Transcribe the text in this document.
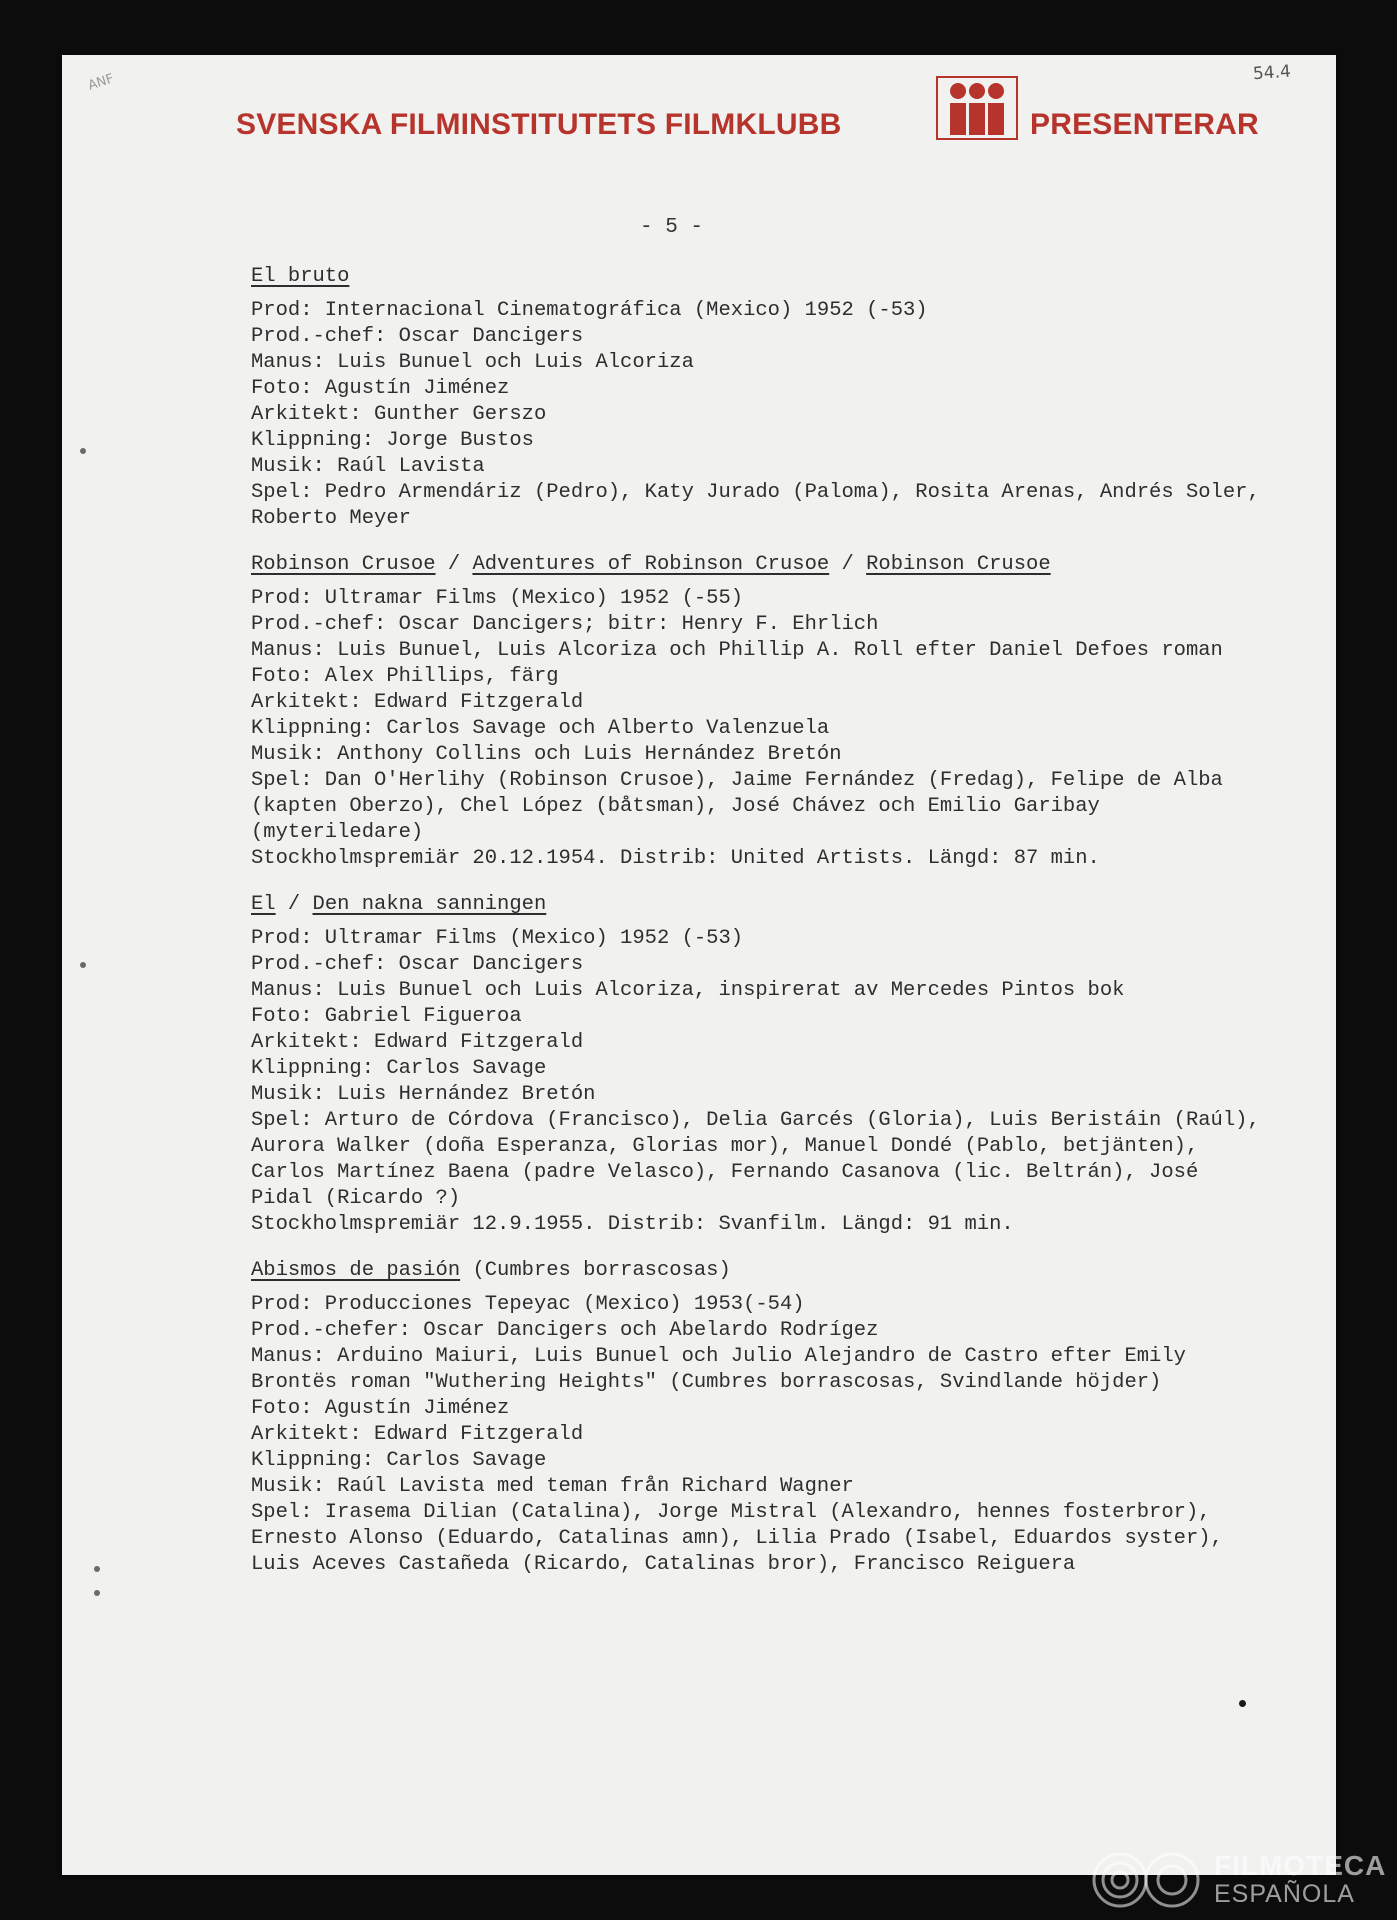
ANF	54.4
SVENSKA FILMINSTITUTETS FILMKLUBB	PRESENTERAR
- 5 -
El bruto
Prod: Internacional Cinematográfica (Mexico) 1952 (-53)
Prod.-chef: Oscar Dancigers
Manus: Luis Bunuel och Luis Alcoriza
Foto: Agustín Jiménez
Arkitekt: Gunther Gerszo
Klippning: Jorge Bustos
Musik: Raúl Lavista
Spel: Pedro Armendáriz (Pedro), Katy Jurado (Paloma), Rosita Arenas, Andrés Soler, Roberto Meyer
Robinson Crusoe / Adventures of Robinson Crusoe / Robinson Crusoe
Prod: Ultramar Films (Mexico) 1952 (-55)
Prod.-chef: Oscar Dancigers; bitr: Henry F. Ehrlich
Manus: Luis Bunuel, Luis Alcoriza och Phillip A. Roll efter Daniel Defoes roman
Foto: Alex Phillips, färg
Arkitekt: Edward Fitzgerald
Klippning: Carlos Savage och Alberto Valenzuela
Musik: Anthony Collins och Luis Hernández Bretón
Spel: Dan O'Herlihy (Robinson Crusoe), Jaime Fernández (Fredag), Felipe de Alba (kapten Oberzo), Chel López (båtsman), José Chávez och Emilio Garibay (myteriledare)
Stockholmspremiär 20.12.1954. Distrib: United Artists. Längd: 87 min.
El / Den nakna sanningen
Prod: Ultramar Films (Mexico) 1952 (-53)
Prod.-chef: Oscar Dancigers
Manus: Luis Bunuel och Luis Alcoriza, inspirerat av Mercedes Pintos bok
Foto: Gabriel Figueroa
Arkitekt: Edward Fitzgerald
Klippning: Carlos Savage
Musik: Luis Hernández Bretón
Spel: Arturo de Córdova (Francisco), Delia Garcés (Gloria), Luis Beristáin (Raúl), Aurora Walker (doña Esperanza, Glorias mor), Manuel Dondé (Pablo, betjänten), Carlos Martínez Baena (padre Velasco), Fernando Casanova (lic. Beltrán), José Pidal (Ricardo ?)
Stockholmspremiär 12.9.1955. Distrib: Svanfilm. Längd: 91 min.
Abismos de pasión (Cumbres borrascosas)
Prod: Producciones Tepeyac (Mexico) 1953(-54)
Prod.-chefer: Oscar Dancigers och Abelardo Rodrígez
Manus: Arduino Maiuri, Luis Bunuel och Julio Alejandro de Castro efter Emily Brontës roman "Wuthering Heights" (Cumbres borrascosas, Svindlande höjder)
Foto: Agustín Jiménez
Arkitekt: Edward Fitzgerald
Klippning: Carlos Savage
Musik: Raúl Lavista med teman från Richard Wagner
Spel: Irasema Dilian (Catalina), Jorge Mistral (Alexandro, hennes fosterbror), Ernesto Alonso (Eduardo, Catalinas amn), Lilia Prado (Isabel, Eduardos syster), Luis Aceves Castañeda (Ricardo, Catalinas bror), Francisco Reiguera
FILMOTECA
ESPAÑOLA
